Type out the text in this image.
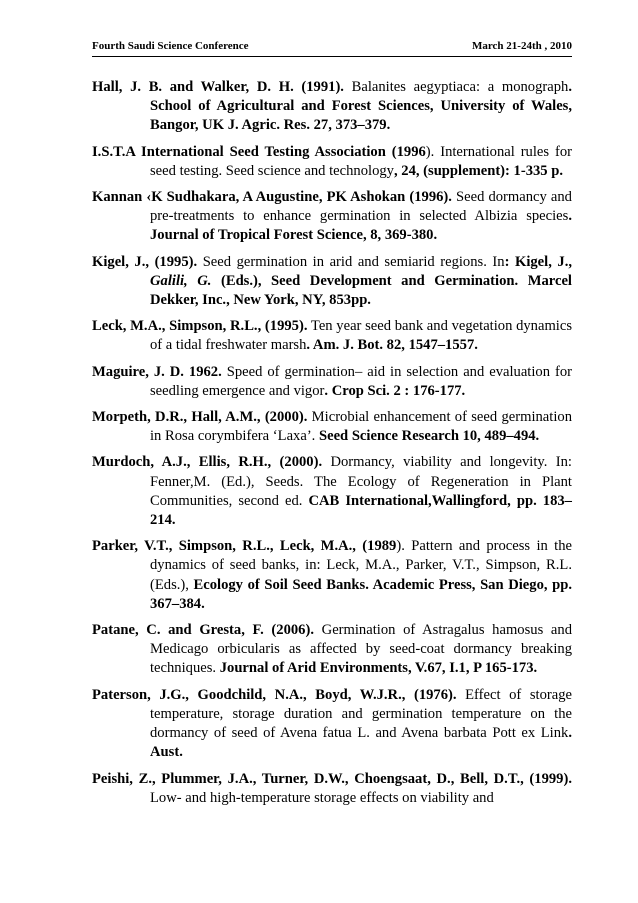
Fourth Saudi Science Conference	March 21-24th , 2010

Hall, J. B. and Walker, D. H. (1991). Balanites aegyptiaca: a monograph. School of Agricultural and Forest Sciences, University of Wales, Bangor, UK J. Agric. Res. 27, 373–379.

I.S.T.A International Seed Testing Association (1996). International rules for seed testing. Seed science and technology, 24, (supplement): 1-335 p.

Kannan ‹K Sudhakara, A Augustine, PK Ashokan (1996). Seed dormancy and pre-treatments to enhance germination in selected Albizia species. Journal of Tropical Forest Science, 8, 369-380.

Kigel, J., (1995). Seed germination in arid and semiarid regions. In: Kigel, J., Galili, G. (Eds.), Seed Development and Germination. Marcel Dekker, Inc., New York, NY, 853pp.

Leck, M.A., Simpson, R.L., (1995). Ten year seed bank and vegetation dynamics of a tidal freshwater marsh. Am. J. Bot. 82, 1547–1557.

Maguire, J. D. 1962. Speed of germination– aid in selection and evaluation for seedling emergence and vigor. Crop Sci. 2 : 176-177.

Morpeth, D.R., Hall, A.M., (2000). Microbial enhancement of seed germination in Rosa corymbifera ‘Laxa’. Seed Science Research 10, 489–494.

Murdoch, A.J., Ellis, R.H., (2000). Dormancy, viability and longevity. In: Fenner,M. (Ed.), Seeds. The Ecology of Regeneration in Plant Communities, second ed. CAB International,Wallingford, pp. 183–214.

Parker, V.T., Simpson, R.L., Leck, M.A., (1989). Pattern and process in the dynamics of seed banks, in: Leck, M.A., Parker, V.T., Simpson, R.L. (Eds.), Ecology of Soil Seed Banks. Academic Press, San Diego, pp. 367–384.

Patane, C. and Gresta, F. (2006). Germination of Astragalus hamosus and Medicago orbicularis as affected by seed-coat dormancy breaking techniques. Journal of Arid Environments, V.67, I.1, P 165-173.

Paterson, J.G., Goodchild, N.A., Boyd, W.J.R., (1976). Effect of storage temperature, storage duration and germination temperature on the dormancy of seed of Avena fatua L. and Avena barbata Pott ex Link. Aust.

Peishi, Z., Plummer, J.A., Turner, D.W., Choengsaat, D., Bell, D.T., (1999). Low- and high-temperature storage effects on viability and
